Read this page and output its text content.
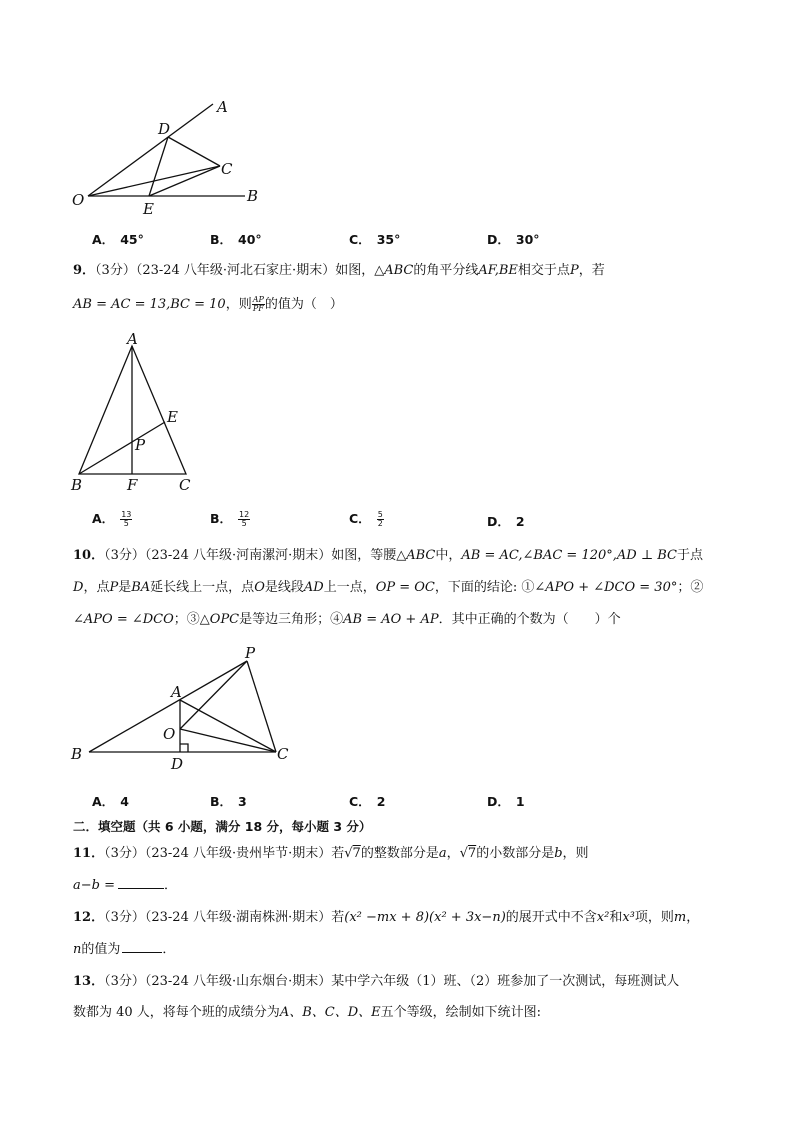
A
D
C
O	B
E
A． 45°	B． 40°	C． 35°	D． 30°
9．（3分）（23-24 八年级·河北石家庄·期末）如图，△ABC的角平分线AF,BE相交于点P，若
AB = AC = 13,BC = 10，则 $\frac{AP}{PF}$ 的值为（　）
A
E
P
B	F	C
A． $\frac{13}{5}$	B． $\frac{12}{5}$	C． $\frac{5}{2}$	D． 2
10．（3分）（23-24 八年级·河南漯河·期末）如图，等腰△ABC中，AB = AC,∠BAC = 120°,AD ⊥ BC于点
D，点P是BA延长线上一点，点O是线段AD上一点，OP = OC，下面的结论: ①∠APO + ∠DCO = 30°；②
∠APO = ∠DCO；③△OPC是等边三角形；④AB = AO + AP．其中正确的个数为（　　）个
P
A
O
B
D
C
A． 4	B． 3	C． 2	D． 1
二．填空题（共 6 小题，满分 18 分，每小题 3 分）
11．（3分）（23-24 八年级·贵州毕节·期末）若√7的整数部分是a，√7的小数部分是b，则
a−b =	．
12．（3分）（23-24 八年级·湖南株洲·期末）若(x² −mx + 8)(x² + 3x−n)的展开式中不含x²和x³项，则m，
n的值为	．
13．（3分）（23-24 八年级·山东烟台·期末）某中学六年级（1）班、（2）班参加了一次测试，每班测试人
数都为 40 人，将每个班的成绩分为A、B、C、D、E五个等级，绘制如下统计图:
